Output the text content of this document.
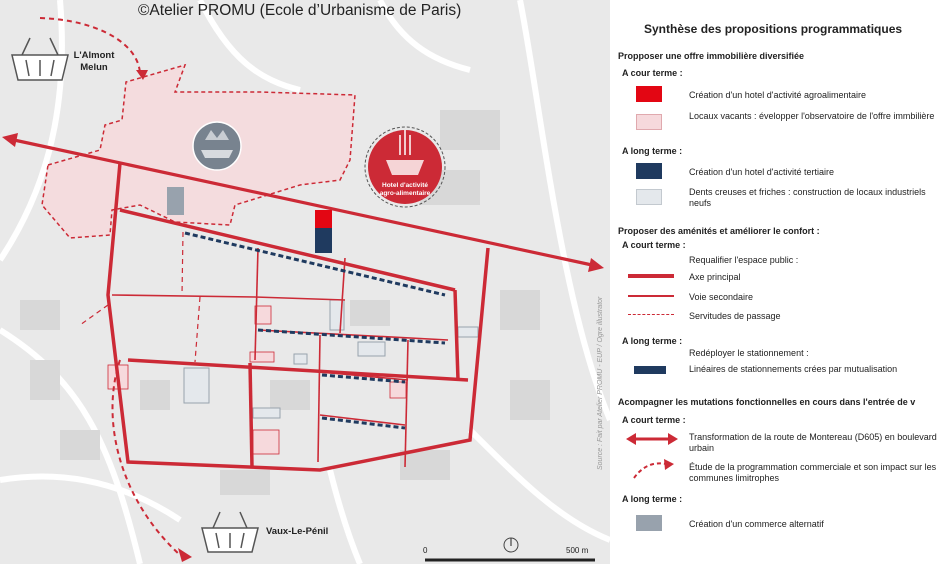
©Atelier PROMU (Ecole d’Urbanisme de Paris)
L'Almont
Melun
Vaux-Le-Pénil
Hotel d'activité
agro-alimentaire
Source : Fait par Atelier PROMU - EUP / Ogre illustrator
0	500 m
Synthèse des propositions programmatiques
Propposer une offre immobilière diversifiée
A cour terme :
Création d'un hotel d'activité agroalimentaire
Locaux vacants : évelopper l'observatoire de l'offre immbilière
A long terme :
Création d'un hotel d'activité tertiaire
Dents creuses et friches : construction de locaux industriels neufs
Proposer des aménités et améliorer le confort :
A court terme :
Requalifier l'espace public :
Axe principal
Voie secondaire
Servitudes de passage
A long terme :
Redéployer le stationnement :
Linéaires de stationnements crées par mutualisation
Acompagner les mutations fonctionnelles en cours dans l'entrée de v
A court terme :
Transformation de la route de Montereau (D605) en boulevard urbain
Étude de la programmation commerciale et son impact sur les communes limitrophes
A long terme :
Création d'un commerce alternatif
